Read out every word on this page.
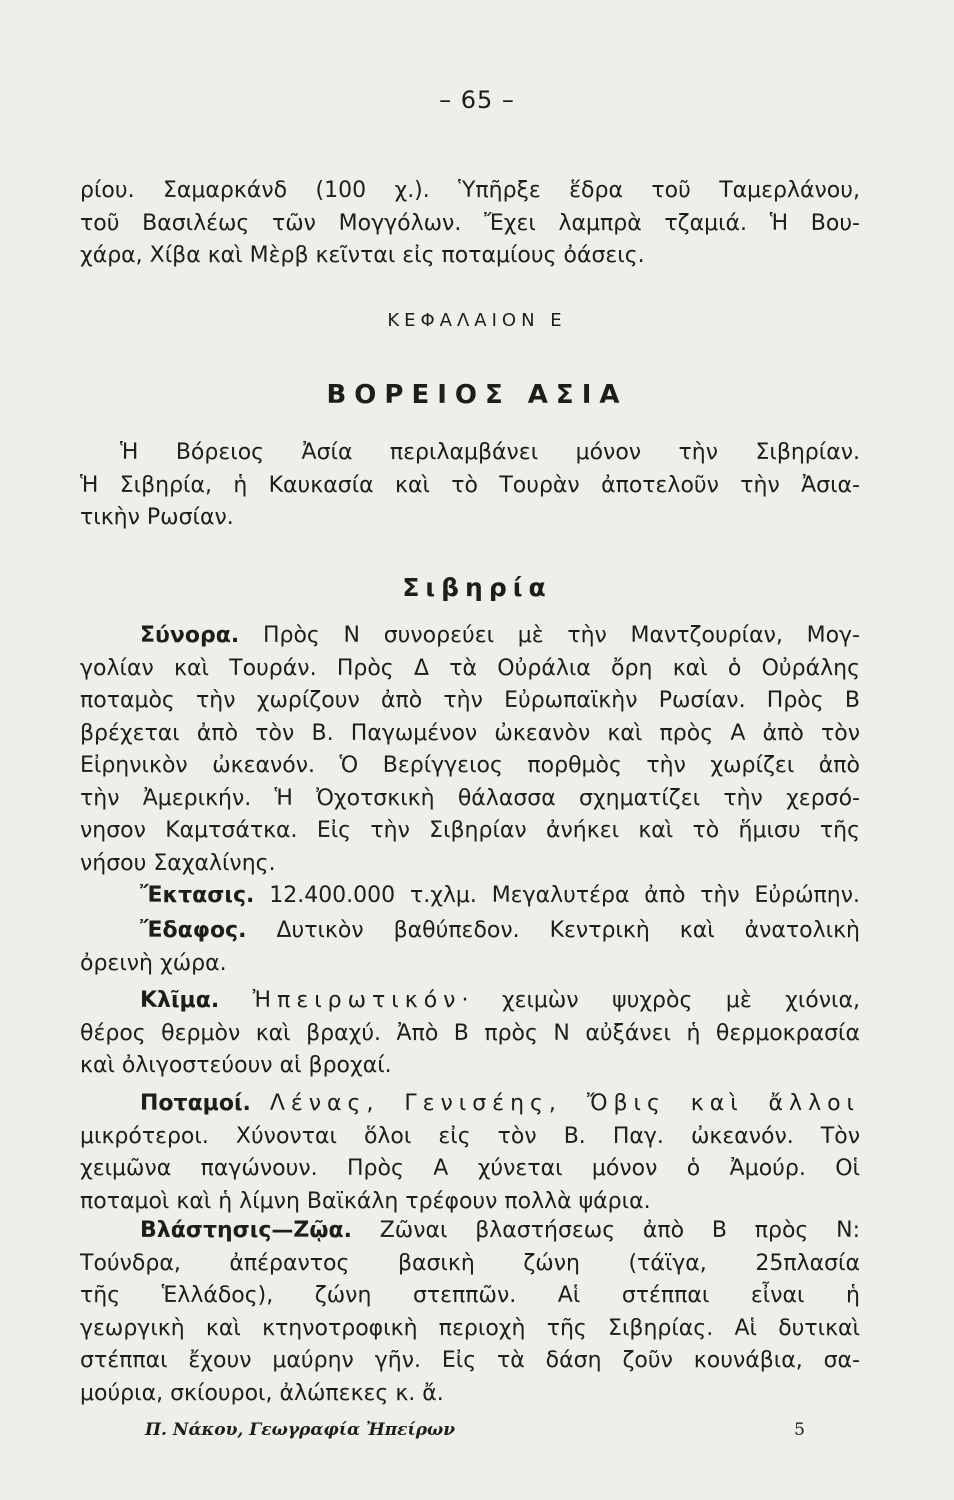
– 65 –
ρίου. Σαμαρκάνδ (100 χ.). Ὑπῆρξε ἕδρα τοῦ Ταμερλάνου,
τοῦ Βασιλέως τῶν Μογγόλων. Ἔχει λαμπρὰ τζαμιά. Ἡ Βου-
χάρα, Χίβα καὶ Μὲρβ κεῖνται εἰς ποταμίους ὀάσεις.
ΚΕΦΑΛΑΙΟΝ Ε
ΒΟΡΕΙΟΣ ΑΣΙΑ
Ἡ Βόρειος Ἀσία περιλαμβάνει μόνον τὴν Σιβηρίαν.
Ἡ Σιβηρία, ἡ Καυκασία καὶ τὸ Τουρὰν ἀποτελοῦν τὴν Ἀσια-
τικὴν Ρωσίαν.
Σιβηρία
Σύνορα. Πρὸς Ν συνορεύει μὲ τὴν Μαντζουρίαν, Μογ-
γολίαν καὶ Τουράν. Πρὸς Δ τὰ Οὐράλια ὄρη καὶ ὁ Οὐράλης
ποταμὸς τὴν χωρίζουν ἀπὸ τὴν Εὐρωπαϊκὴν Ρωσίαν. Πρὸς Β
βρέχεται ἀπὸ τὸν Β. Παγωμένον ὠκεανὸν καὶ πρὸς Α ἀπὸ τὸν
Εἰρηνικὸν ὠκεανόν. Ὁ Βερίγγειος πορθμὸς τὴν χωρίζει ἀπὸ
τὴν Ἀμερικήν. Ἡ Ὀχοτσκικὴ θάλασσα σχηματίζει τὴν χερσό-
νησον Καμτσάτκα. Εἰς τὴν Σιβηρίαν ἀνήκει καὶ τὸ ἥμισυ τῆς
νήσου Σαχαλίνης.
Ἔκτασις. 12.400.000 τ.χλμ. Μεγαλυτέρα ἀπὸ τὴν Εὐρώπην.
Ἔδαφος. Δυτικὸν βαθύπεδον. Κεντρικὴ καὶ ἀνατολικὴ
ὀρεινὴ χώρα.
Κλῖμα. Ἠπειρωτικόν· χειμὼν ψυχρὸς μὲ χιόνια,
θέρος θερμὸν καὶ βραχύ. Ἀπὸ Β πρὸς Ν αὐξάνει ἡ θερμοκρασία
καὶ ὀλιγοστεύουν αἱ βροχαί.
Ποταμοί. Λένας, Γενισέης, Ὄβις καὶ ἄλλοι
μικρότεροι. Χύνονται ὅλοι εἰς τὸν Β. Παγ. ὠκεανόν. Τὸν
χειμῶνα παγώνουν. Πρὸς Α χύνεται μόνον ὁ Ἀμούρ. Οἱ
ποταμοὶ καὶ ἡ λίμνη Βαϊκάλη τρέφουν πολλὰ ψάρια.
Βλάστησις—Ζῷα. Ζῶναι βλαστήσεως ἀπὸ Β πρὸς Ν:
Τούνδρα, ἀπέραντος βασικὴ ζώνη (τάϊγα, 25πλασία
τῆς Ἑλλάδος), ζώνη στεππῶν. Αἱ στέππαι εἶναι ἡ
γεωργικὴ καὶ κτηνοτροφικὴ περιοχὴ τῆς Σιβηρίας. Αἱ δυτικαὶ
στέππαι ἔχουν μαύρην γῆν. Εἰς τὰ δάση ζοῦν κουνάβια, σα-
μούρια, σκίουροι, ἀλώπεκες κ. ἄ.
Π. Νάκου, Γεωγραφία Ἠπείρων	5
